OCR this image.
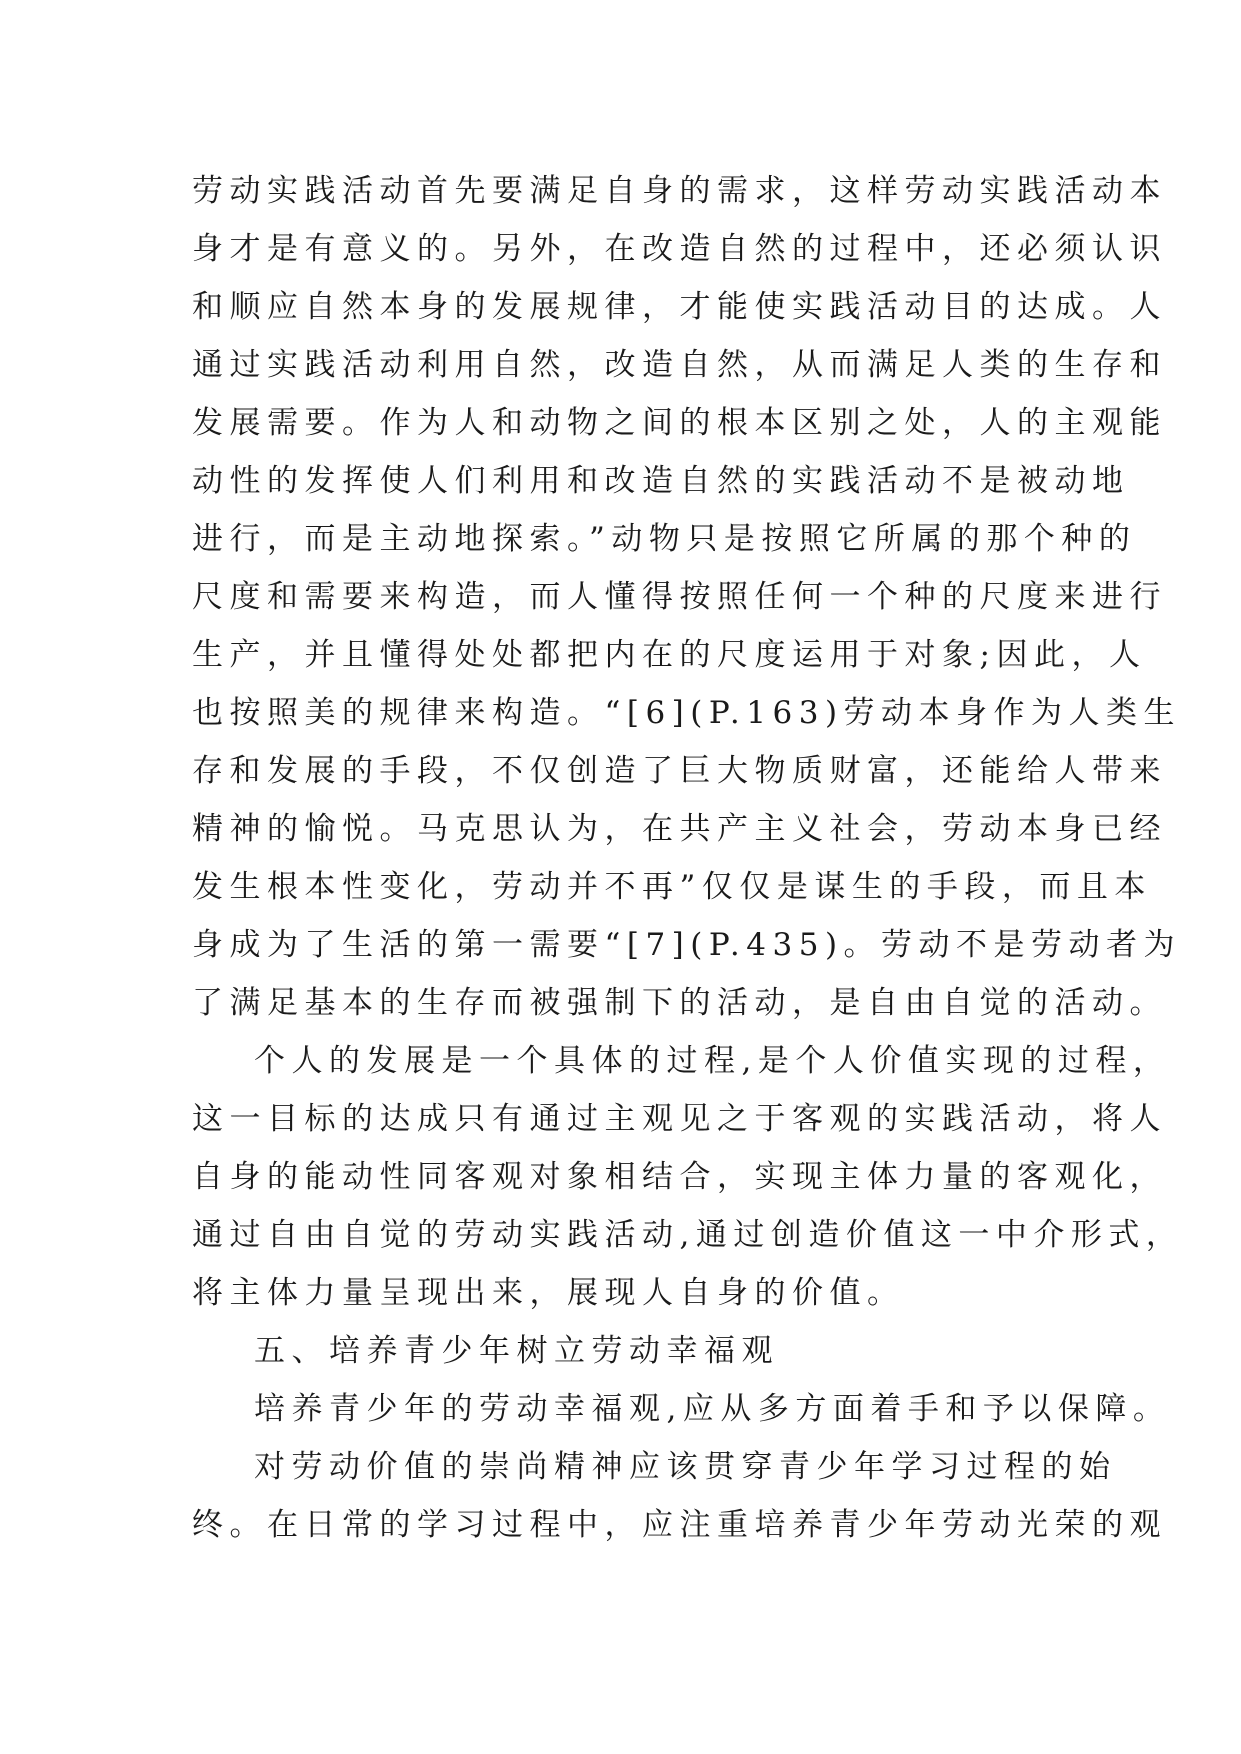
劳动实践活动首先要满足自身的需求，这样劳动实践活动本
身才是有意义的。另外，在改造自然的过程中，还必须认识
和顺应自然本身的发展规律，才能使实践活动目的达成。人
通过实践活动利用自然，改造自然，从而满足人类的生存和
发展需要。作为人和动物之间的根本区别之处，人的主观能
动性的发挥使人们利用和改造自然的实践活动不是被动地
进行，而是主动地探索。”动物只是按照它所属的那个种的
尺度和需要来构造，而人懂得按照任何一个种的尺度来进行
生产，并且懂得处处都把内在的尺度运用于对象;因此，人
也按照美的规律来构造。“[6](P.163)劳动本身作为人类生
存和发展的手段，不仅创造了巨大物质财富，还能给人带来
精神的愉悦。马克思认为，在共产主义社会，劳动本身已经
发生根本性变化，劳动并不再”仅仅是谋生的手段，而且本
身成为了生活的第一需要“[7](P.435)。劳动不是劳动者为
了满足基本的生存而被强制下的活动，是自由自觉的活动。
个人的发展是一个具体的过程,是个人价值实现的过程，
这一目标的达成只有通过主观见之于客观的实践活动，将人
自身的能动性同客观对象相结合，实现主体力量的客观化，
通过自由自觉的劳动实践活动,通过创造价值这一中介形式，
将主体力量呈现出来，展现人自身的价值。
五、培养青少年树立劳动幸福观
培养青少年的劳动幸福观,应从多方面着手和予以保障。
对劳动价值的崇尚精神应该贯穿青少年学习过程的始
终。在日常的学习过程中，应注重培养青少年劳动光荣的观
